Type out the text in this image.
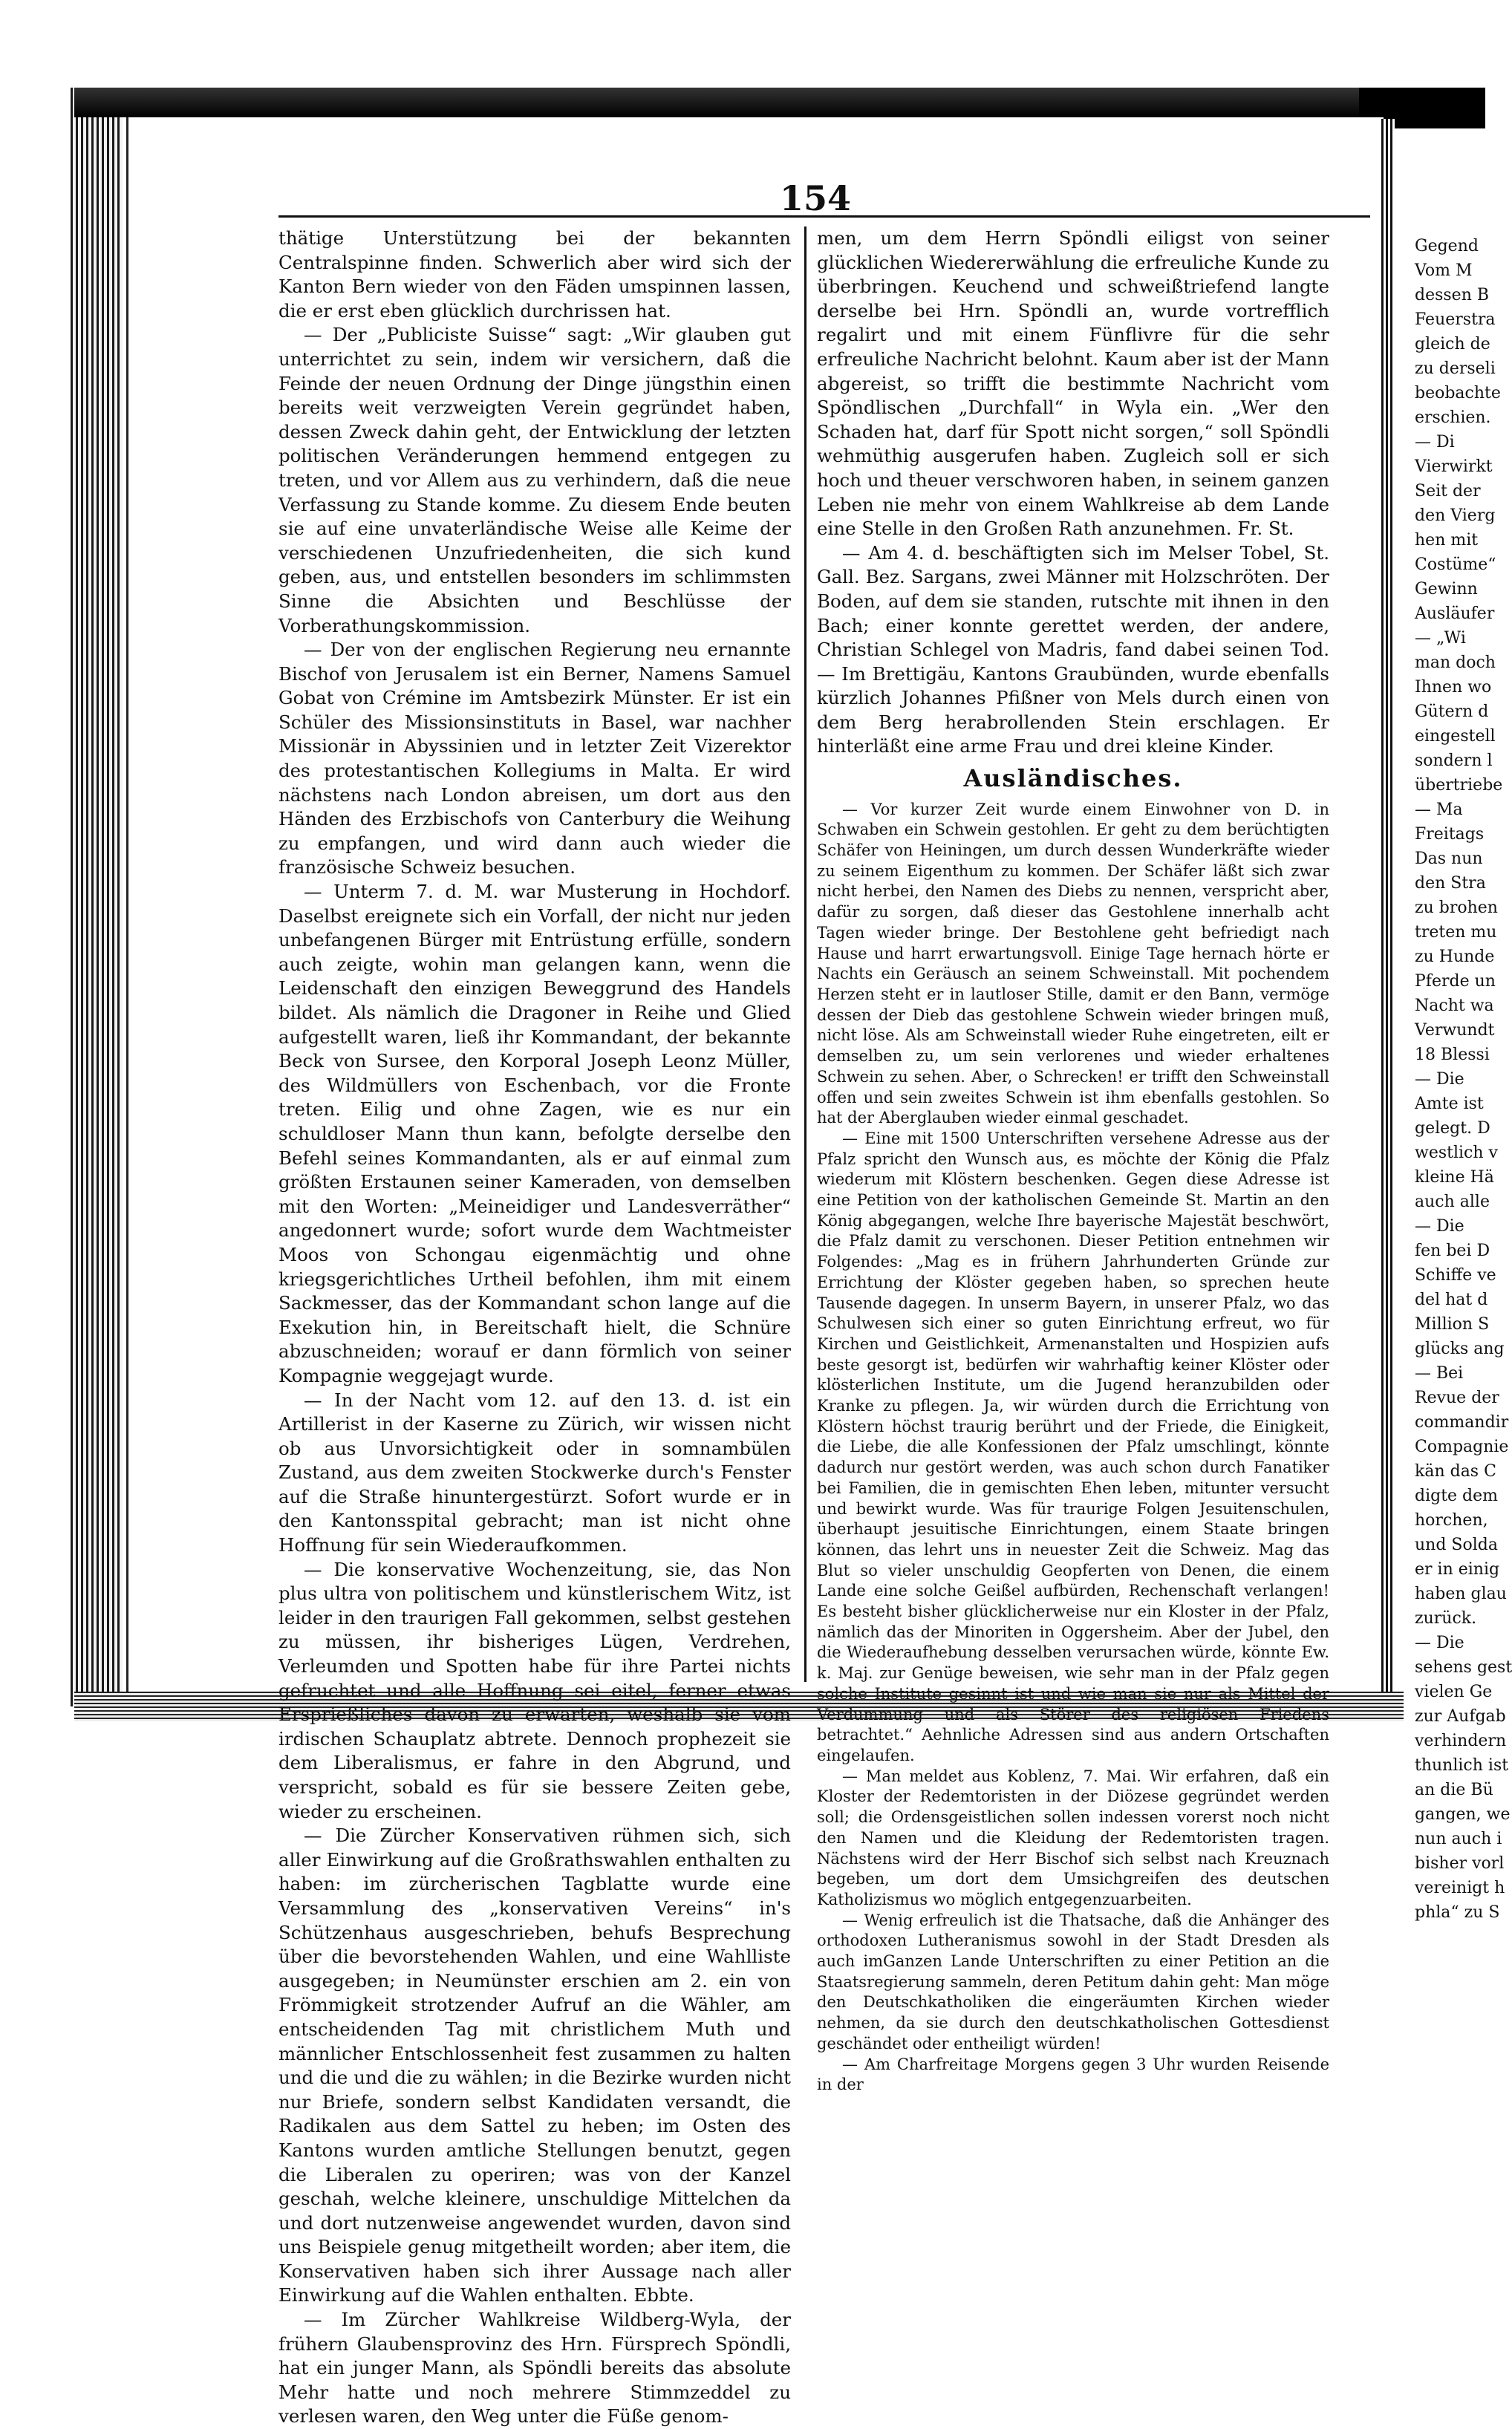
154

thätige Unterstützung bei der bekannten Centralspinne finden. Schwerlich aber wird sich der Kanton Bern wieder von den Fäden umspinnen lassen, die er erst eben glücklich durchrissen hat.

— Der „Publiciste Suisse“ sagt: „Wir glauben gut unterrichtet zu sein, indem wir versichern, daß die Feinde der neuen Ordnung der Dinge jüngsthin einen bereits weit verzweigten Verein gegründet haben, dessen Zweck dahin geht, der Entwicklung der letzten politischen Veränderungen hemmend entgegen zu treten, und vor Allem aus zu verhindern, daß die neue Verfassung zu Stande komme. Zu diesem Ende beuten sie auf eine unvaterländische Weise alle Keime der verschiedenen Unzufriedenheiten, die sich kund geben, aus, und entstellen besonders im schlimmsten Sinne die Absichten und Beschlüsse der Vorberathungskommission.

— Der von der englischen Regierung neu ernannte Bischof von Jerusalem ist ein Berner, Namens Samuel Gobat von Crémine im Amtsbezirk Münster. Er ist ein Schüler des Missionsinstituts in Basel, war nachher Missionär in Abyssinien und in letzter Zeit Vizerektor des protestantischen Kollegiums in Malta. Er wird nächstens nach London abreisen, um dort aus den Händen des Erzbischofs von Canterbury die Weihung zu empfangen, und wird dann auch wieder die französische Schweiz besuchen.

— Unterm 7. d. M. war Musterung in Hochdorf. Daselbst ereignete sich ein Vorfall, der nicht nur jeden unbefangenen Bürger mit Entrüstung erfülle, sondern auch zeigte, wohin man gelangen kann, wenn die Leidenschaft den einzigen Beweggrund des Handels bildet. Als nämlich die Dragoner in Reihe und Glied aufgestellt waren, ließ ihr Kommandant, der bekannte Beck von Sursee, den Korporal Joseph Leonz Müller, des Wildmüllers von Eschenbach, vor die Fronte treten. Eilig und ohne Zagen, wie es nur ein schuldloser Mann thun kann, befolgte derselbe den Befehl seines Kommandanten, als er auf einmal zum größten Erstaunen seiner Kameraden, von demselben mit den Worten: „Meineidiger und Landesverräther“ angedonnert wurde; sofort wurde dem Wachtmeister Moos von Schongau eigenmächtig und ohne kriegsgerichtliches Urtheil befohlen, ihm mit einem Sackmesser, das der Kommandant schon lange auf die Exekution hin, in Bereitschaft hielt, die Schnüre abzuschneiden; worauf er dann förmlich von seiner Kompagnie weggejagt wurde.

— In der Nacht vom 12. auf den 13. d. ist ein Artillerist in der Kaserne zu Zürich, wir wissen nicht ob aus Unvorsichtigkeit oder in somnambülen Zustand, aus dem zweiten Stockwerke durch's Fenster auf die Straße hinuntergestürzt. Sofort wurde er in den Kantonsspital gebracht; man ist nicht ohne Hoffnung für sein Wiederaufkommen.

— Die konservative Wochenzeitung, sie, das Non plus ultra von politischem und künstlerischem Witz, ist leider in den traurigen Fall gekommen, selbst gestehen zu müssen, ihr bisheriges Lügen, Verdrehen, Verleumden und Spotten habe für ihre Partei nichts gefruchtet und alle Hoffnung sei eitel, ferner etwas Ersprießliches davon zu erwarten, weshalb sie vom irdischen Schauplatz abtrete. Dennoch prophezeit sie dem Liberalismus, er fahre in den Abgrund, und verspricht, sobald es für sie bessere Zeiten gebe, wieder zu erscheinen.

— Die Zürcher Konservativen rühmen sich, sich aller Einwirkung auf die Großrathswahlen enthalten zu haben: im zürcherischen Tagblatte wurde eine Versammlung des „konservativen Vereins“ in's Schützenhaus ausgeschrieben, behufs Besprechung über die bevorstehenden Wahlen, und eine Wahlliste ausgegeben; in Neumünster erschien am 2. ein von Frömmigkeit strotzender Aufruf an die Wähler, am entscheidenden Tag mit christlichem Muth und männlicher Entschlossenheit fest zusammen zu halten und die und die zu wählen; in die Bezirke wurden nicht nur Briefe, sondern selbst Kandidaten versandt, die Radikalen aus dem Sattel zu heben; im Osten des Kantons wurden amtliche Stellungen benutzt, gegen die Liberalen zu operiren; was von der Kanzel geschah, welche kleinere, unschuldige Mittelchen da und dort nutzenweise angewendet wurden, davon sind uns Beispiele genug mitgetheilt worden; aber item, die Konservativen haben sich ihrer Aussage nach aller Einwirkung auf die Wahlen enthalten. Ebbte.

— Im Zürcher Wahlkreise Wildberg-Wyla, der frühern Glaubensprovinz des Hrn. Fürsprech Spöndli, hat ein junger Mann, als Spöndli bereits das absolute Mehr hatte und noch mehrere Stimmzeddel zu verlesen waren, den Weg unter die Füße genom-

men, um dem Herrn Spöndli eiligst von seiner glücklichen Wiedererwählung die erfreuliche Kunde zu überbringen. Keuchend und schweißtriefend langte derselbe bei Hrn. Spöndli an, wurde vortrefflich regalirt und mit einem Fünflivre für die sehr erfreuliche Nachricht belohnt. Kaum aber ist der Mann abgereist, so trifft die bestimmte Nachricht vom Spöndlischen „Durchfall“ in Wyla ein. „Wer den Schaden hat, darf für Spott nicht sorgen,“ soll Spöndli wehmüthig ausgerufen haben. Zugleich soll er sich hoch und theuer verschworen haben, in seinem ganzen Leben nie mehr von einem Wahlkreise ab dem Lande eine Stelle in den Großen Rath anzunehmen. Fr. St.

— Am 4. d. beschäftigten sich im Melser Tobel, St. Gall. Bez. Sargans, zwei Männer mit Holzschröten. Der Boden, auf dem sie standen, rutschte mit ihnen in den Bach; einer konnte gerettet werden, der andere, Christian Schlegel von Madris, fand dabei seinen Tod. — Im Brettigäu, Kantons Graubünden, wurde ebenfalls kürzlich Johannes Pfißner von Mels durch einen von dem Berg herabrollenden Stein erschlagen. Er hinterläßt eine arme Frau und drei kleine Kinder.

Ausländisches.

— Vor kurzer Zeit wurde einem Einwohner von D. in Schwaben ein Schwein gestohlen. Er geht zu dem berüchtigten Schäfer von Heiningen, um durch dessen Wunderkräfte wieder zu seinem Eigenthum zu kommen. Der Schäfer läßt sich zwar nicht herbei, den Namen des Diebs zu nennen, verspricht aber, dafür zu sorgen, daß dieser das Gestohlene innerhalb acht Tagen wieder bringe. Der Bestohlene geht befriedigt nach Hause und harrt erwartungsvoll. Einige Tage hernach hörte er Nachts ein Geräusch an seinem Schweinstall. Mit pochendem Herzen steht er in lautloser Stille, damit er den Bann, vermöge dessen der Dieb das gestohlene Schwein wieder bringen muß, nicht löse. Als am Schweinstall wieder Ruhe eingetreten, eilt er demselben zu, um sein verlorenes und wieder erhaltenes Schwein zu sehen. Aber, o Schrecken! er trifft den Schweinstall offen und sein zweites Schwein ist ihm ebenfalls gestohlen. So hat der Aberglauben wieder einmal geschadet.

— Eine mit 1500 Unterschriften versehene Adresse aus der Pfalz spricht den Wunsch aus, es möchte der König die Pfalz wiederum mit Klöstern beschenken. Gegen diese Adresse ist eine Petition von der katholischen Gemeinde St. Martin an den König abgegangen, welche Ihre bayerische Majestät beschwört, die Pfalz damit zu verschonen. Dieser Petition entnehmen wir Folgendes: „Mag es in frühern Jahrhunderten Gründe zur Errichtung der Klöster gegeben haben, so sprechen heute Tausende dagegen. In unserm Bayern, in unserer Pfalz, wo das Schulwesen sich einer so guten Einrichtung erfreut, wo für Kirchen und Geistlichkeit, Armenanstalten und Hospizien aufs beste gesorgt ist, bedürfen wir wahrhaftig keiner Klöster oder klösterlichen Institute, um die Jugend heranzubilden oder Kranke zu pflegen. Ja, wir würden durch die Errichtung von Klöstern höchst traurig berührt und der Friede, die Einigkeit, die Liebe, die alle Konfessionen der Pfalz umschlingt, könnte dadurch nur gestört werden, was auch schon durch Fanatiker bei Familien, die in gemischten Ehen leben, mitunter versucht und bewirkt wurde. Was für traurige Folgen Jesuitenschulen, überhaupt jesuitische Einrichtungen, einem Staate bringen können, das lehrt uns in neuester Zeit die Schweiz. Mag das Blut so vieler unschuldig Geopferten von Denen, die einem Lande eine solche Geißel aufbürden, Rechenschaft verlangen! Es besteht bisher glücklicherweise nur ein Kloster in der Pfalz, nämlich das der Minoriten in Oggersheim. Aber der Jubel, den die Wiederaufhebung desselben verursachen würde, könnte Ew. k. Maj. zur Genüge beweisen, wie sehr man in der Pfalz gegen solche Institute gesinnt ist und wie man sie nur als Mittel der Verdummung und als Störer des religiösen Friedens betrachtet.“ Aehnliche Adressen sind aus andern Ortschaften eingelaufen.

— Man meldet aus Koblenz, 7. Mai. Wir erfahren, daß ein Kloster der Redemtoristen in der Diözese gegründet werden soll; die Ordensgeistlichen sollen indessen vorerst noch nicht den Namen und die Kleidung der Redemtoristen tragen. Nächstens wird der Herr Bischof sich selbst nach Kreuznach begeben, um dort dem Umsichgreifen des deutschen Katholizismus wo möglich entgegenzuarbeiten.

— Wenig erfreulich ist die Thatsache, daß die Anhänger des orthodoxen Lutheranismus sowohl in der Stadt Dresden als auch imGanzen Lande Unterschriften zu einer Petition an die Staatsregierung sammeln, deren Petitum dahin geht: Man möge den Deutschkatholiken die eingeräumten Kirchen wieder nehmen, da sie durch den deutschkatholischen Gottesdienst geschändet oder entheiligt würden!

— Am Charfreitage Morgens gegen 3 Uhr wurden Reisende in der

Gegend
Vom M
dessen B
Feuerstra
gleich de
zu derseli
beobachte
erschien.
— Di
Vierwirkt
Seit der
den Vierg
hen mit
Costüme“
Gewinn
Ausläufer
— „Wi
man doch
Ihnen wo
Gütern d
eingestell
sondern l
übertriebe
— Ma
Freitags
Das nun
den Stra
zu brohen
treten mu
zu Hunde
Pferde un
Nacht wa
Verwundt
18 Blessi
— Die
Amte ist
gelegt. D
westlich v
kleine Hä
auch alle
— Die
fen bei D
Schiffe ve
del hat d
Million S
glücks ang
— Bei
Revue der
commandir
Compagnie
kän das C
digte dem
horchen,
und Solda
er in einig
haben glau
zurück.
— Die
sehens gest
vielen Ge
zur Aufgab
verhindern
thunlich ist
an die Bü
gangen, we
nun auch i
bisher vorl
vereinigt h
phla“ zu S
